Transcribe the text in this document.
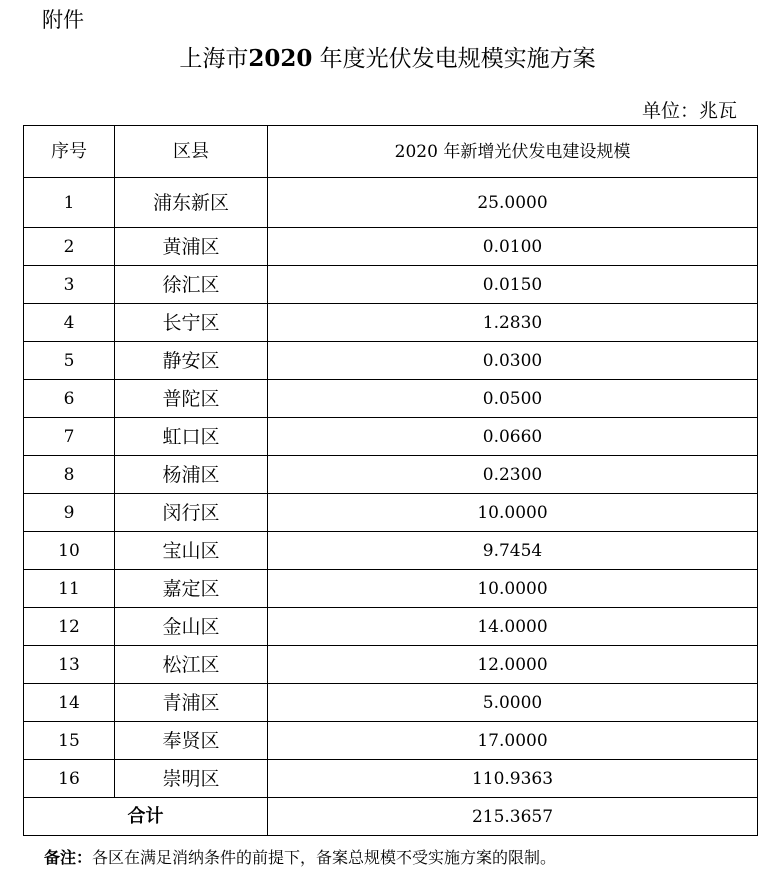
附件
上海市2020 年度光伏发电规模实施方案
单位：兆瓦
序号	区县	2020 年新增光伏发电建设规模
1	浦东新区	25.0000
2	黄浦区	0.0100
3	徐汇区	0.0150
4	长宁区	1.2830
5	静安区	0.0300
6	普陀区	0.0500
7	虹口区	0.0660
8	杨浦区	0.2300
9	闵行区	10.0000
10	宝山区	9.7454
11	嘉定区	10.0000
12	金山区	14.0000
13	松江区	12.0000
14	青浦区	5.0000
15	奉贤区	17.0000
16	崇明区	110.9363
合计		215.3657
备注：各区在满足消纳条件的前提下，备案总规模不受实施方案的限制。
